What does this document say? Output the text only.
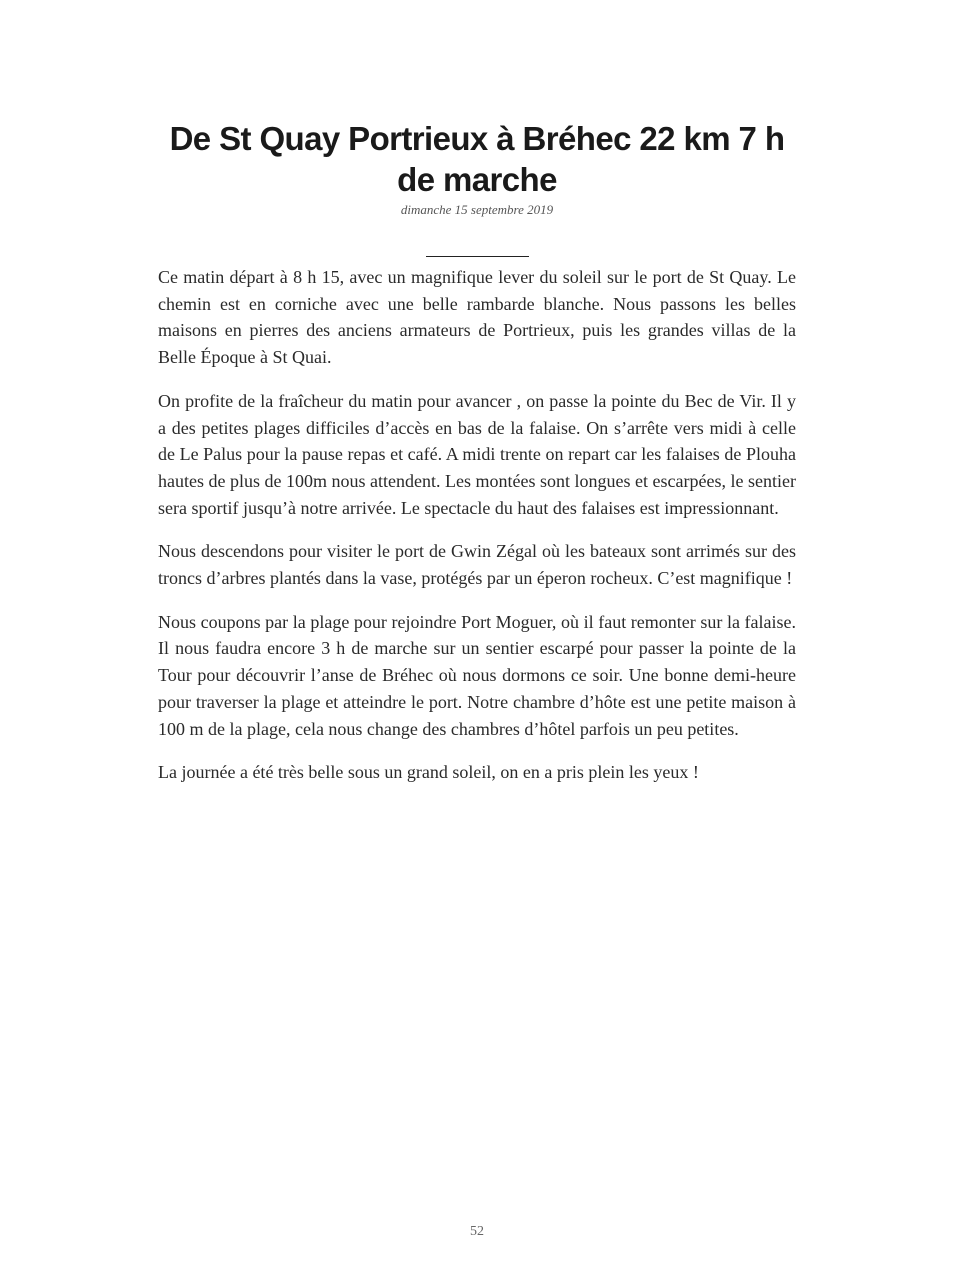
De St Quay Portrieux à Bréhec 22 km 7 h de marche
dimanche 15 septembre 2019

Ce matin départ à 8 h 15, avec un magnifique lever du soleil sur le port de St Quay. Le chemin est en corniche avec une belle rambarde blanche. Nous passons les belles maisons en pierres des anciens armateurs de Portrieux, puis les grandes villas de la Belle Époque à St Quai.

On profite de la fraîcheur du matin pour avancer , on passe la pointe du Bec de Vir. Il y a des petites plages difficiles d’accès en bas de la falaise. On s’arrête vers midi à celle de Le Palus pour la pause repas et café. A midi trente on repart car les falaises de Plouha hautes de plus de 100m nous attendent. Les montées sont longues et escarpées, le sentier sera sportif jusqu’à notre arrivée. Le spectacle du haut des falaises est impressionnant.

Nous descendons pour visiter le port de Gwin Zégal où les bateaux sont arrimés sur des troncs d’arbres plantés dans la vase, protégés par un éperon rocheux. C’est magnifique !

Nous coupons par la plage pour rejoindre Port Moguer, où il faut remonter sur la falaise. Il nous faudra encore 3 h de marche sur un sentier escarpé pour passer la pointe de la Tour pour découvrir l’anse de Bréhec où nous dormons ce soir. Une bonne demi-heure pour traverser la plage et atteindre le port. Notre chambre d’hôte est une petite maison à 100 m de la plage, cela nous change des chambres d’hôtel parfois un peu petites.

La journée a été très belle sous un grand soleil, on en a pris plein les yeux !

52
